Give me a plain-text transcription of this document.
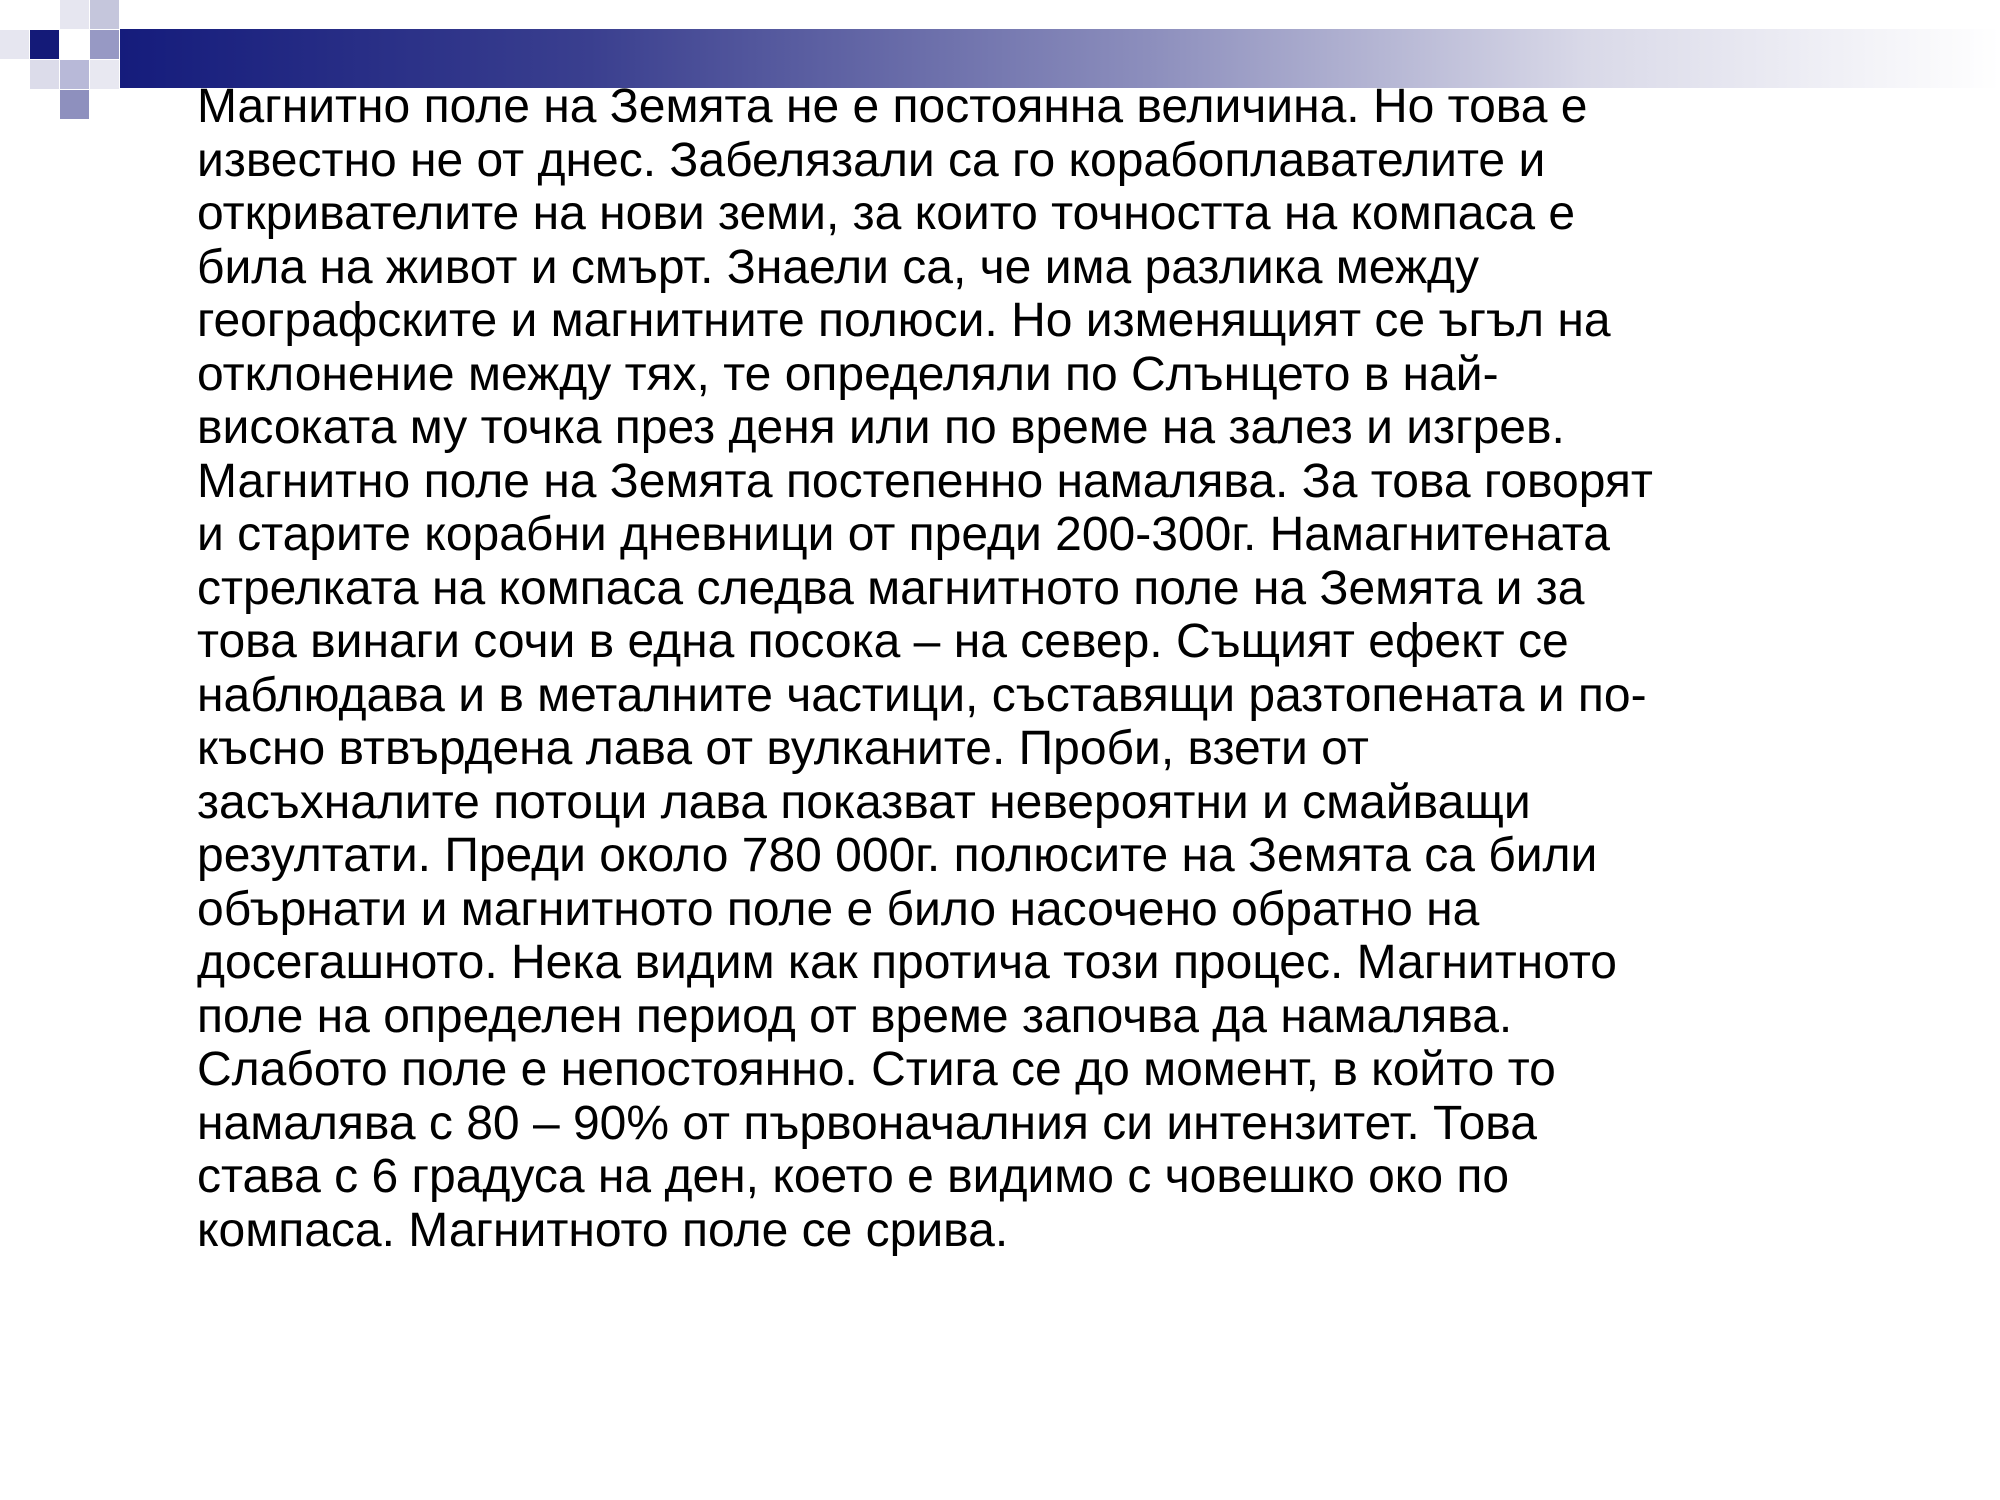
Магнитно поле на Земята не е постоянна величина. Но това е
известно не от днес. Забелязали са го корабоплавателите и
откривателите на нови земи, за които точността на компаса е
била на живот и смърт. Знаели са, че има разлика между
географските и магнитните полюси. Но изменящият се ъгъл на
отклонение между тях, те определяли по Слънцето в най-
високата му точка през деня или по време на залез и изгрев.
Магнитно поле на Земята постепенно намалява. За това говорят
и старите корабни дневници от преди 200-300г. Намагнитената
стрелката на компаса следва магнитното поле на Земята и за
това винаги сочи в една посока – на север. Същият ефект се
наблюдава и в металните частици, съставящи разтопената и по-
късно втвърдена лава от вулканите. Проби, взети от
засъхналите потоци лава показват невероятни и смайващи
резултати. Преди около 780 000г. полюсите на Земята са били
обърнати и магнитното поле е било насочено обратно на
досегашното. Нека видим как протича този процес. Магнитното
поле на определен период от време започва да намалява.
Слабото поле е непостоянно. Стига се до момент, в който то
намалява с 80 – 90% от първоначалния си интензитет. Това
става с 6 градуса на ден, което е видимо с човешко око по
компаса. Магнитното поле се срива.
